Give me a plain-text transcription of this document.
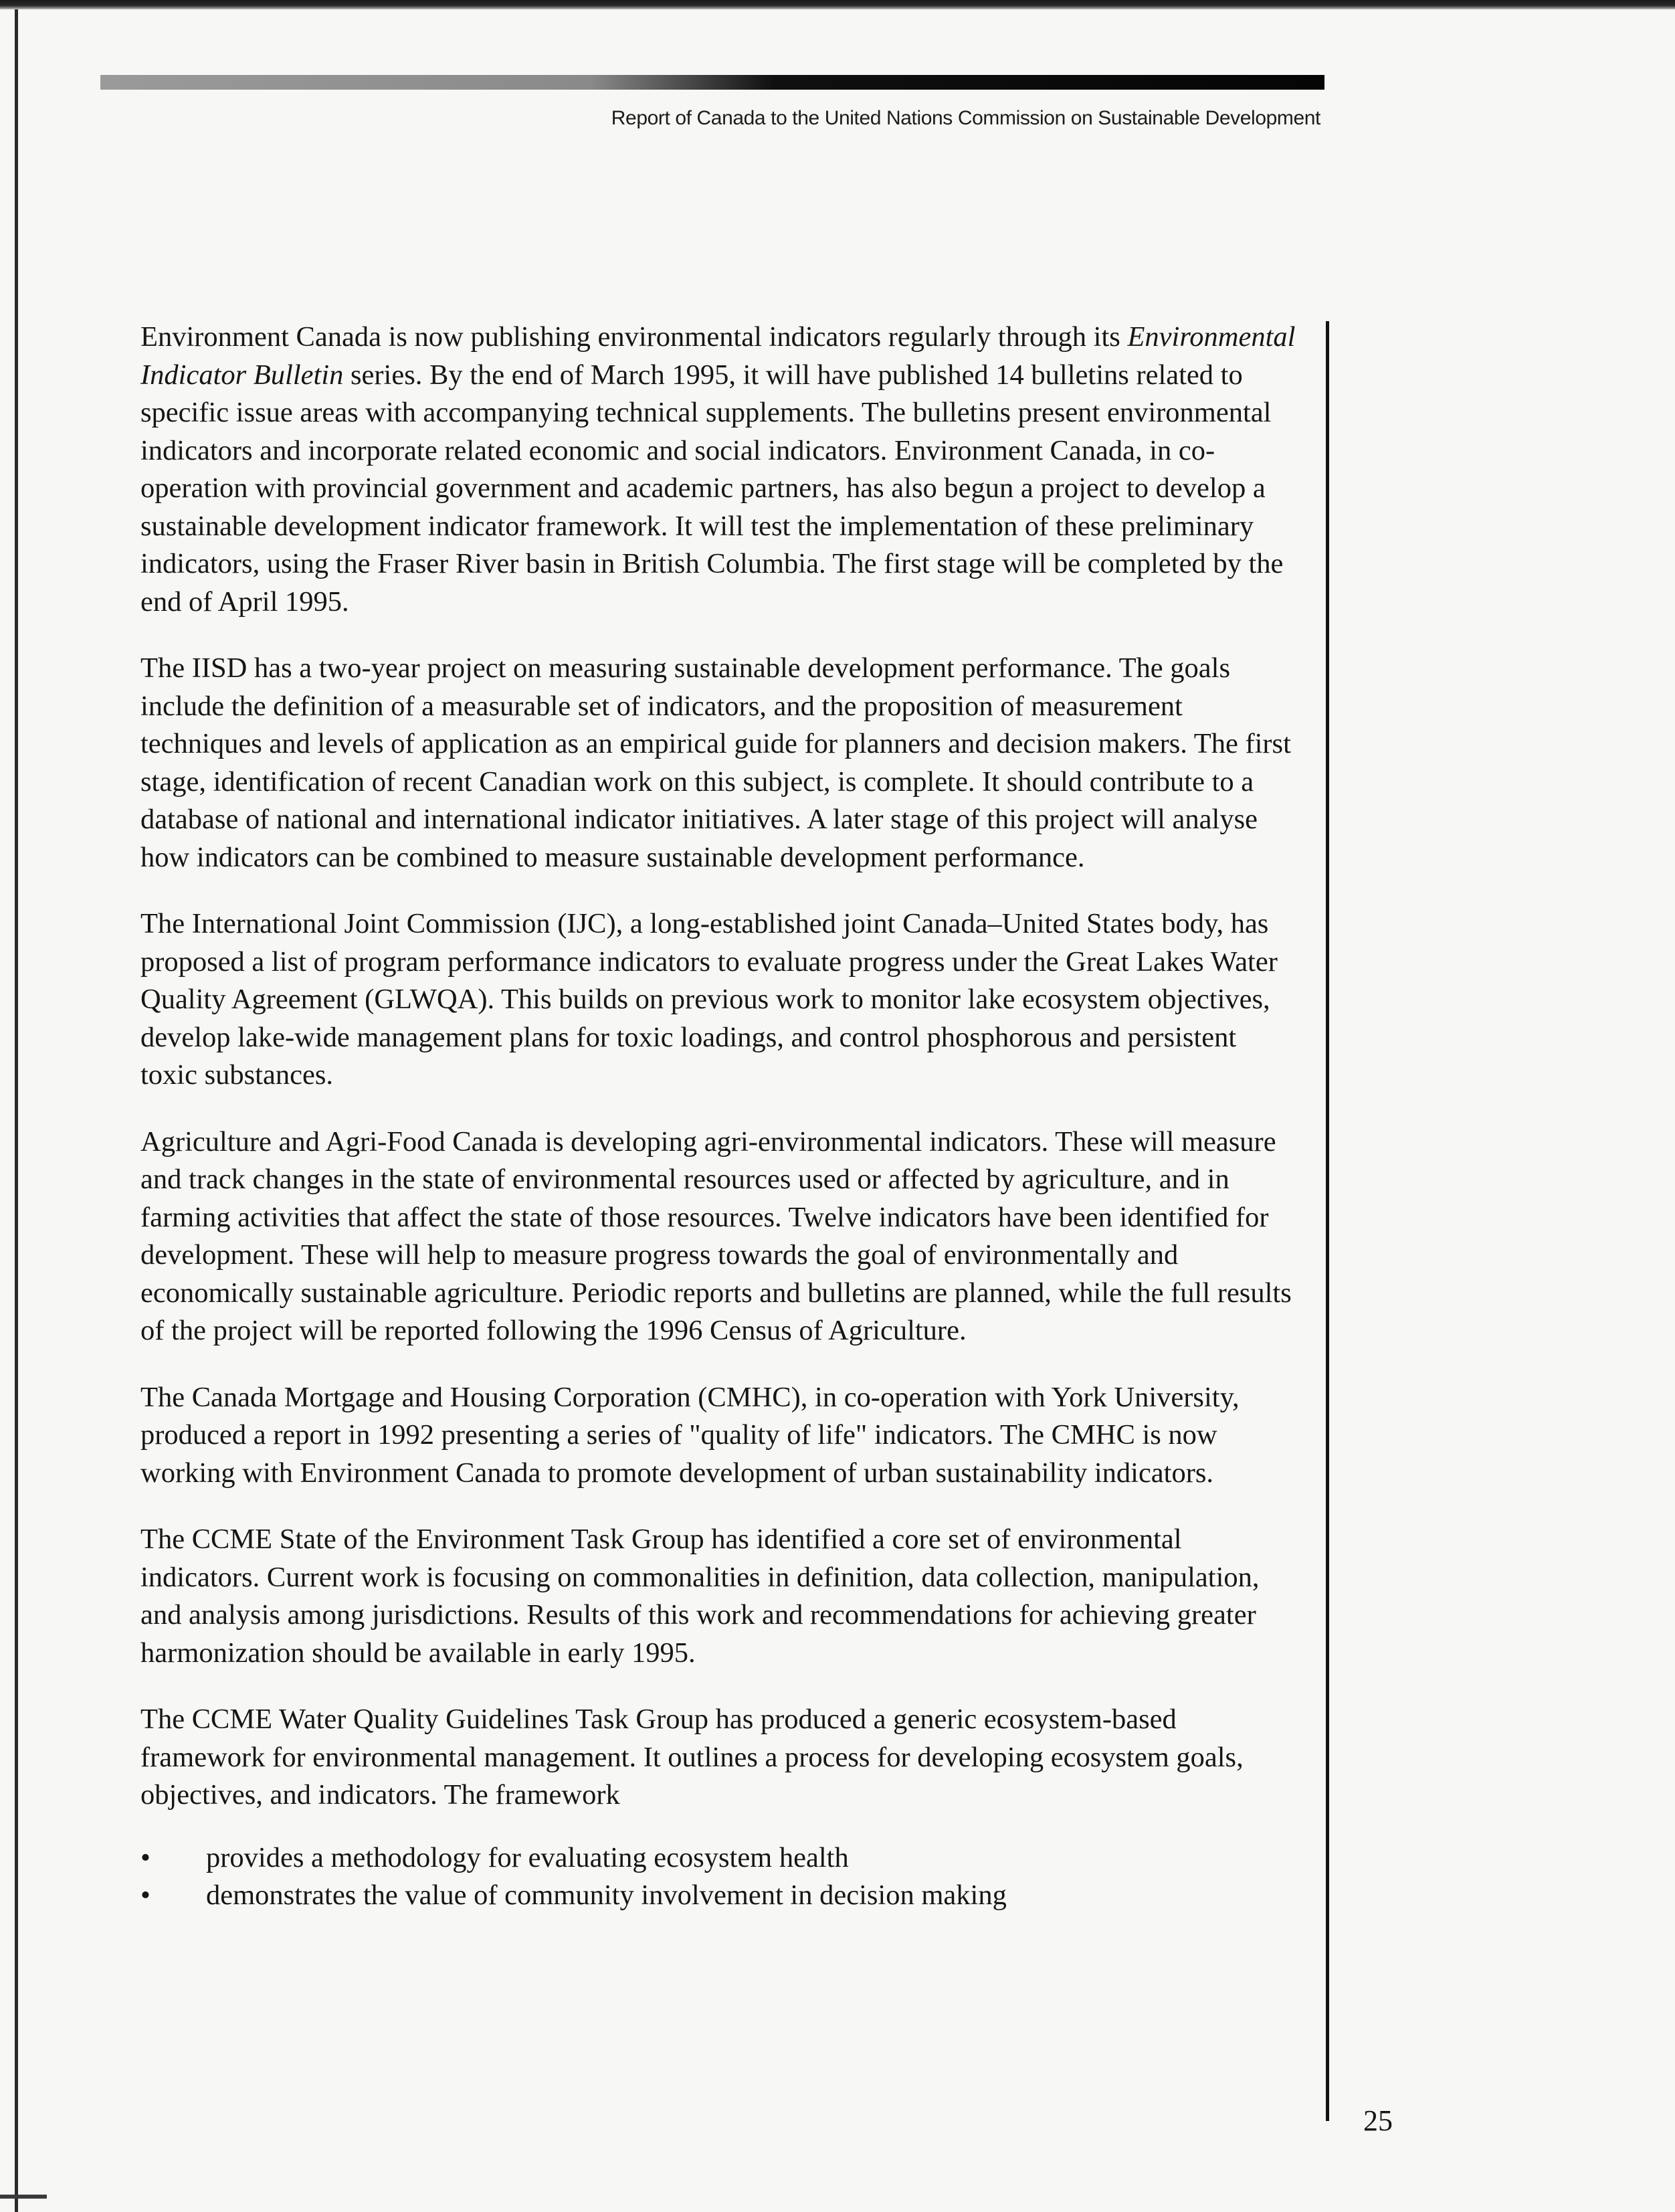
Report of Canada to the United Nations Commission on Sustainable Development

Environment Canada is now publishing environmental indicators regularly through its Environmental Indicator Bulletin series. By the end of March 1995, it will have published 14 bulletins related to specific issue areas with accompanying technical supplements. The bulletins present environmental indicators and incorporate related economic and social indicators. Environment Canada, in co-operation with provincial government and academic partners, has also begun a project to develop a sustainable development indicator framework. It will test the implementation of these preliminary indicators, using the Fraser River basin in British Columbia. The first stage will be completed by the end of April 1995.

The IISD has a two-year project on measuring sustainable development performance. The goals include the definition of a measurable set of indicators, and the proposition of measurement techniques and levels of application as an empirical guide for planners and decision makers. The first stage, identification of recent Canadian work on this subject, is complete. It should contribute to a database of national and international indicator initiatives. A later stage of this project will analyse how indicators can be combined to measure sustainable development performance.

The International Joint Commission (IJC), a long-established joint Canada–United States body, has proposed a list of program performance indicators to evaluate progress under the Great Lakes Water Quality Agreement (GLWQA). This builds on previous work to monitor lake ecosystem objectives, develop lake-wide management plans for toxic loadings, and control phosphorous and persistent toxic substances.

Agriculture and Agri-Food Canada is developing agri-environmental indicators. These will measure and track changes in the state of environmental resources used or affected by agriculture, and in farming activities that affect the state of those resources. Twelve indicators have been identified for development. These will help to measure progress towards the goal of environmentally and economically sustainable agriculture. Periodic reports and bulletins are planned, while the full results of the project will be reported following the 1996 Census of Agriculture.

The Canada Mortgage and Housing Corporation (CMHC), in co-operation with York University, produced a report in 1992 presenting a series of "quality of life" indicators. The CMHC is now working with Environment Canada to promote development of urban sustainability indicators.

The CCME State of the Environment Task Group has identified a core set of environmental indicators. Current work is focusing on commonalities in definition, data collection, manipulation, and analysis among jurisdictions. Results of this work and recommendations for achieving greater harmonization should be available in early 1995.

The CCME Water Quality Guidelines Task Group has produced a generic ecosystem-based framework for environmental management. It outlines a process for developing ecosystem goals, objectives, and indicators. The framework

•	provides a methodology for evaluating ecosystem health
•	demonstrates the value of community involvement in decision making
25
